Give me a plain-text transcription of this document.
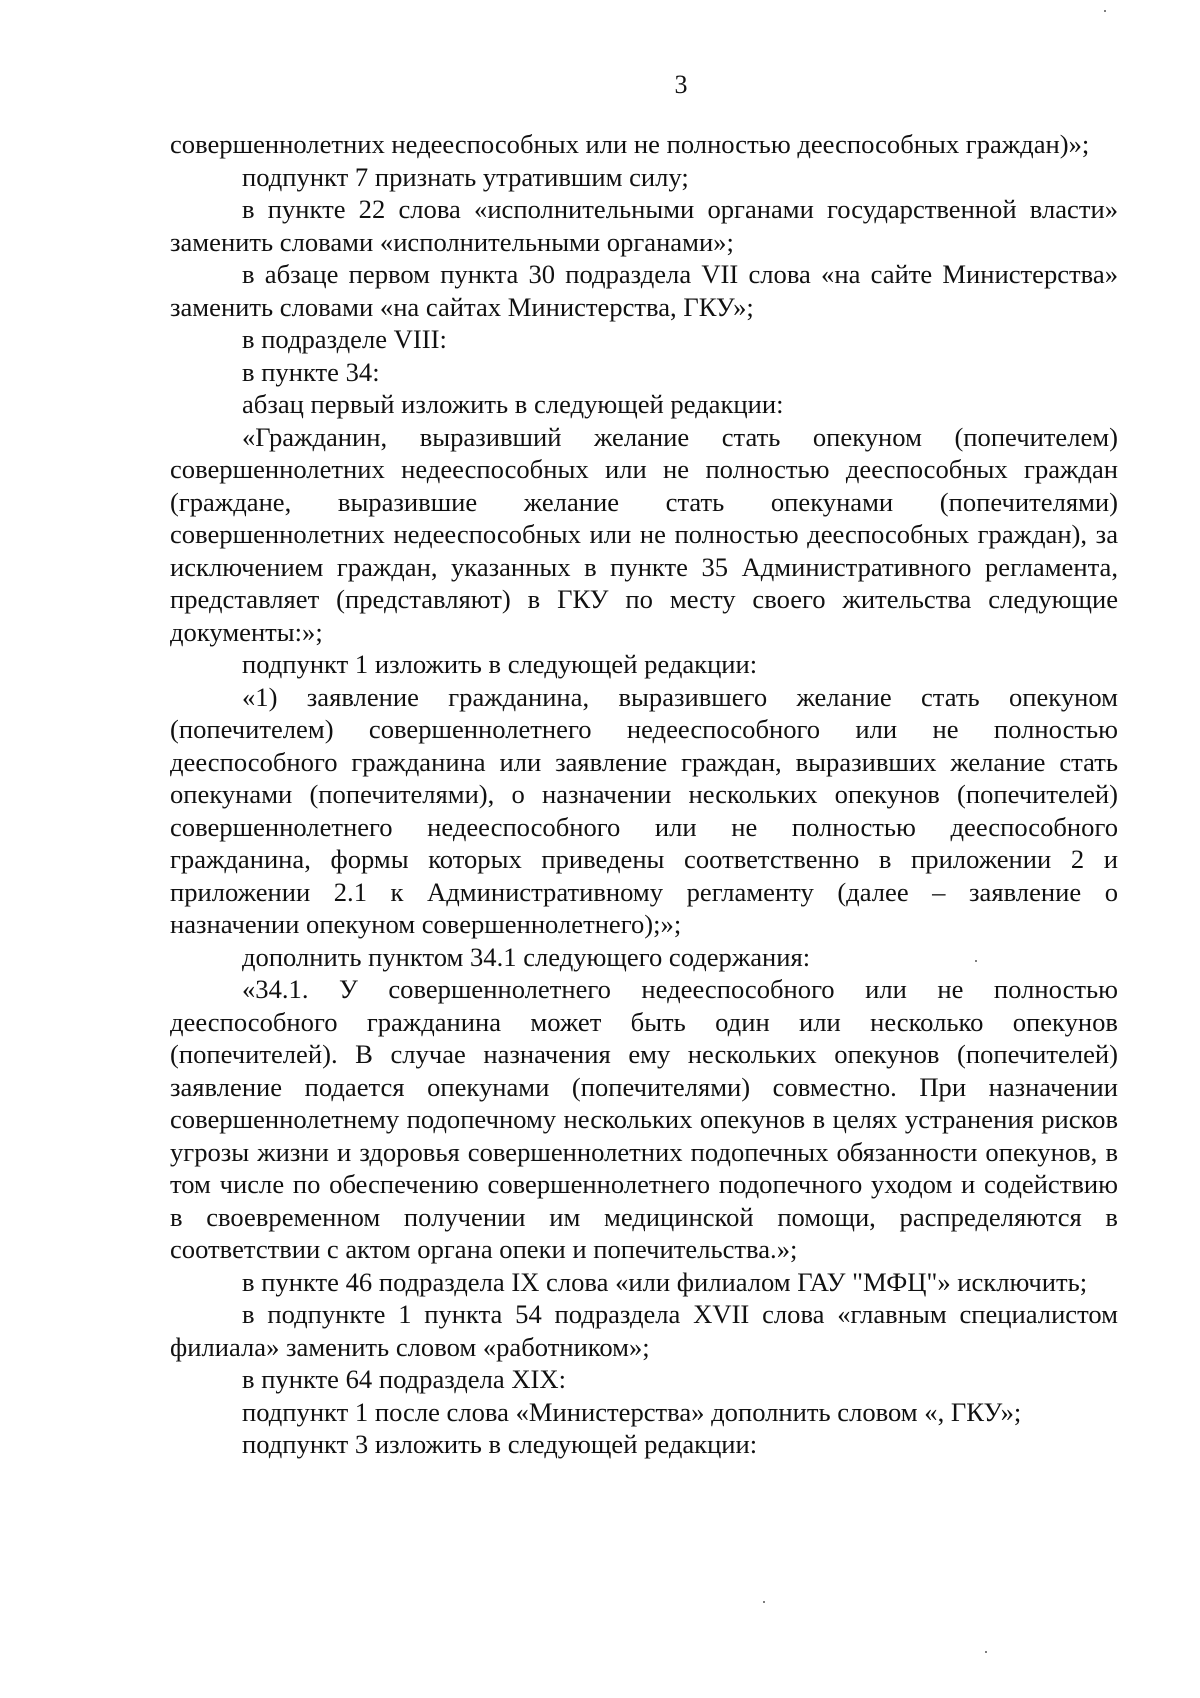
3

совершеннолетних недееспособных или не полностью дееспособных граждан)»;

подпункт 7 признать утратившим силу;

в пункте 22 слова «исполнительными органами государственной власти» заменить словами «исполнительными органами»;

в абзаце первом пункта 30 подраздела VII слова «на сайте Министерства» заменить словами «на сайтах Министерства, ГКУ»;

в подразделе VIII:

в пункте 34:

абзац первый изложить в следующей редакции:

«Гражданин, выразивший желание стать опекуном (попечителем) совершеннолетних недееспособных или не полностью дееспособных граждан (граждане, выразившие желание стать опекунами (попечителями) совершеннолетних недееспособных или не полностью дееспособных граждан), за исключением граждан, указанных в пункте 35 Административного регламента, представляет (представляют) в ГКУ по месту своего жительства следующие документы:»;

подпункт 1 изложить в следующей редакции:

«1) заявление гражданина, выразившего желание стать опекуном (попечителем) совершеннолетнего недееспособного или не полностью дееспособного гражданина или заявление граждан, выразивших желание стать опекунами (попечителями), о назначении нескольких опекунов (попечителей) совершеннолетнего недееспособного или не полностью дееспособного гражданина, формы которых приведены соответственно в приложении 2 и приложении 2.1 к Административному регламенту (далее – заявление о назначении опекуном совершеннолетнего);»;

дополнить пунктом 34.1 следующего содержания:

«34.1. У совершеннолетнего недееспособного или не полностью дееспособного гражданина может быть один или несколько опекунов (попечителей). В случае назначения ему нескольких опекунов (попечителей) заявление подается опекунами (попечителями) совместно. При назначении совершеннолетнему подопечному нескольких опекунов в целях устранения рисков угрозы жизни и здоровья совершеннолетних подопечных обязанности опекунов, в том числе по обеспечению совершеннолетнего подопечного уходом и содействию в своевременном получении им медицинской помощи, распределяются в соответствии с актом органа опеки и попечительства.»;

в пункте 46 подраздела IX слова «или филиалом ГАУ "МФЦ"» исключить;

в подпункте 1 пункта 54 подраздела XVII слова «главным специалистом филиала» заменить словом «работником»;

в пункте 64 подраздела XIX:

подпункт 1 после слова «Министерства» дополнить словом «, ГКУ»;

подпункт 3 изложить в следующей редакции:
